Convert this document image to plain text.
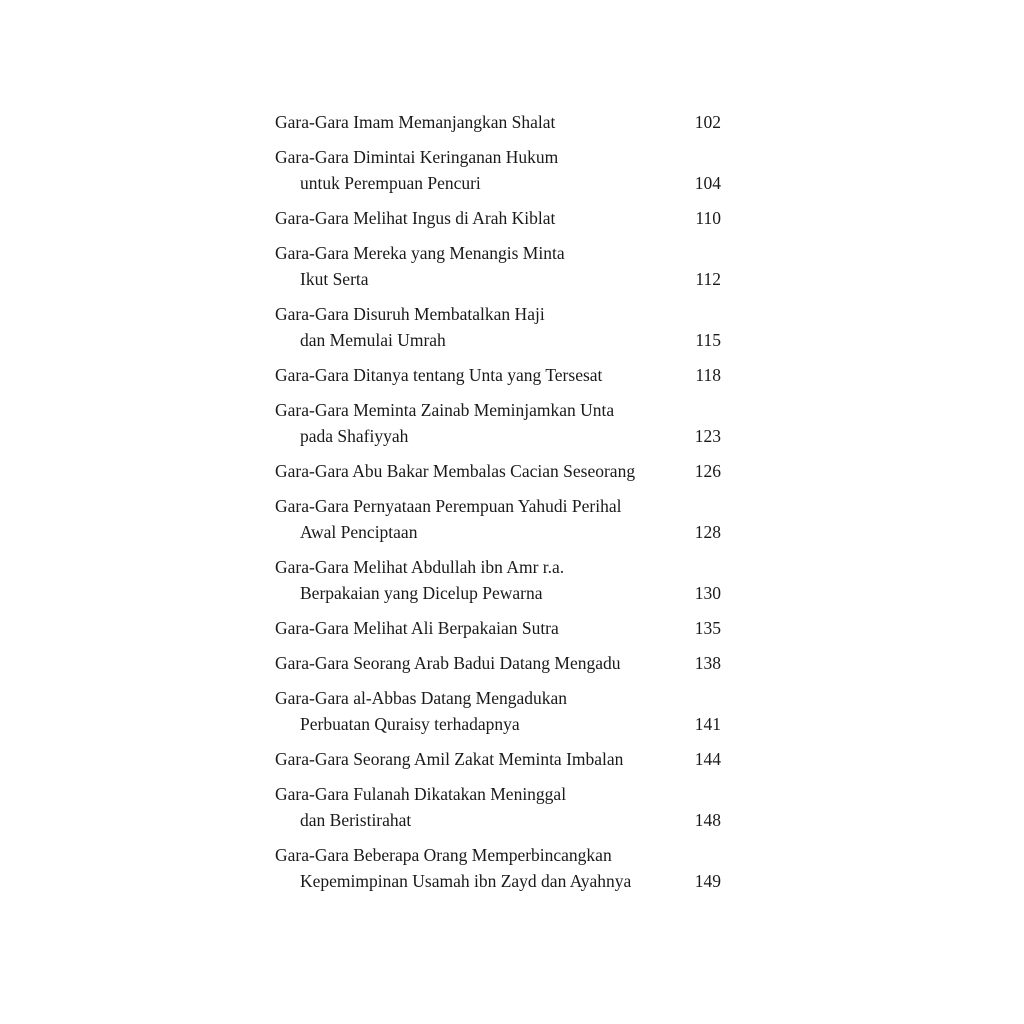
Gara-Gara Imam Memanjangkan Shalat	102
Gara-Gara Dimintai Keringanan Hukum
untuk Perempuan Pencuri	104
Gara-Gara Melihat Ingus di Arah Kiblat	110
Gara-Gara Mereka yang Menangis Minta
Ikut Serta	112
Gara-Gara Disuruh Membatalkan Haji
dan Memulai Umrah	115
Gara-Gara Ditanya tentang Unta yang Tersesat	118
Gara-Gara Meminta Zainab Meminjamkan Unta
pada Shafiyyah	123
Gara-Gara Abu Bakar Membalas Cacian Seseorang	126
Gara-Gara Pernyataan Perempuan Yahudi Perihal
Awal Penciptaan	128
Gara-Gara Melihat Abdullah ibn Amr r.a.
Berpakaian yang Dicelup Pewarna	130
Gara-Gara Melihat Ali Berpakaian Sutra	135
Gara-Gara Seorang Arab Badui Datang Mengadu	138
Gara-Gara al-Abbas Datang Mengadukan
Perbuatan Quraisy terhadapnya	141
Gara-Gara Seorang Amil Zakat Meminta Imbalan	144
Gara-Gara Fulanah Dikatakan Meninggal
dan Beristirahat	148
Gara-Gara Beberapa Orang Memperbincangkan
Kepemimpinan Usamah ibn Zayd dan Ayahnya	149
